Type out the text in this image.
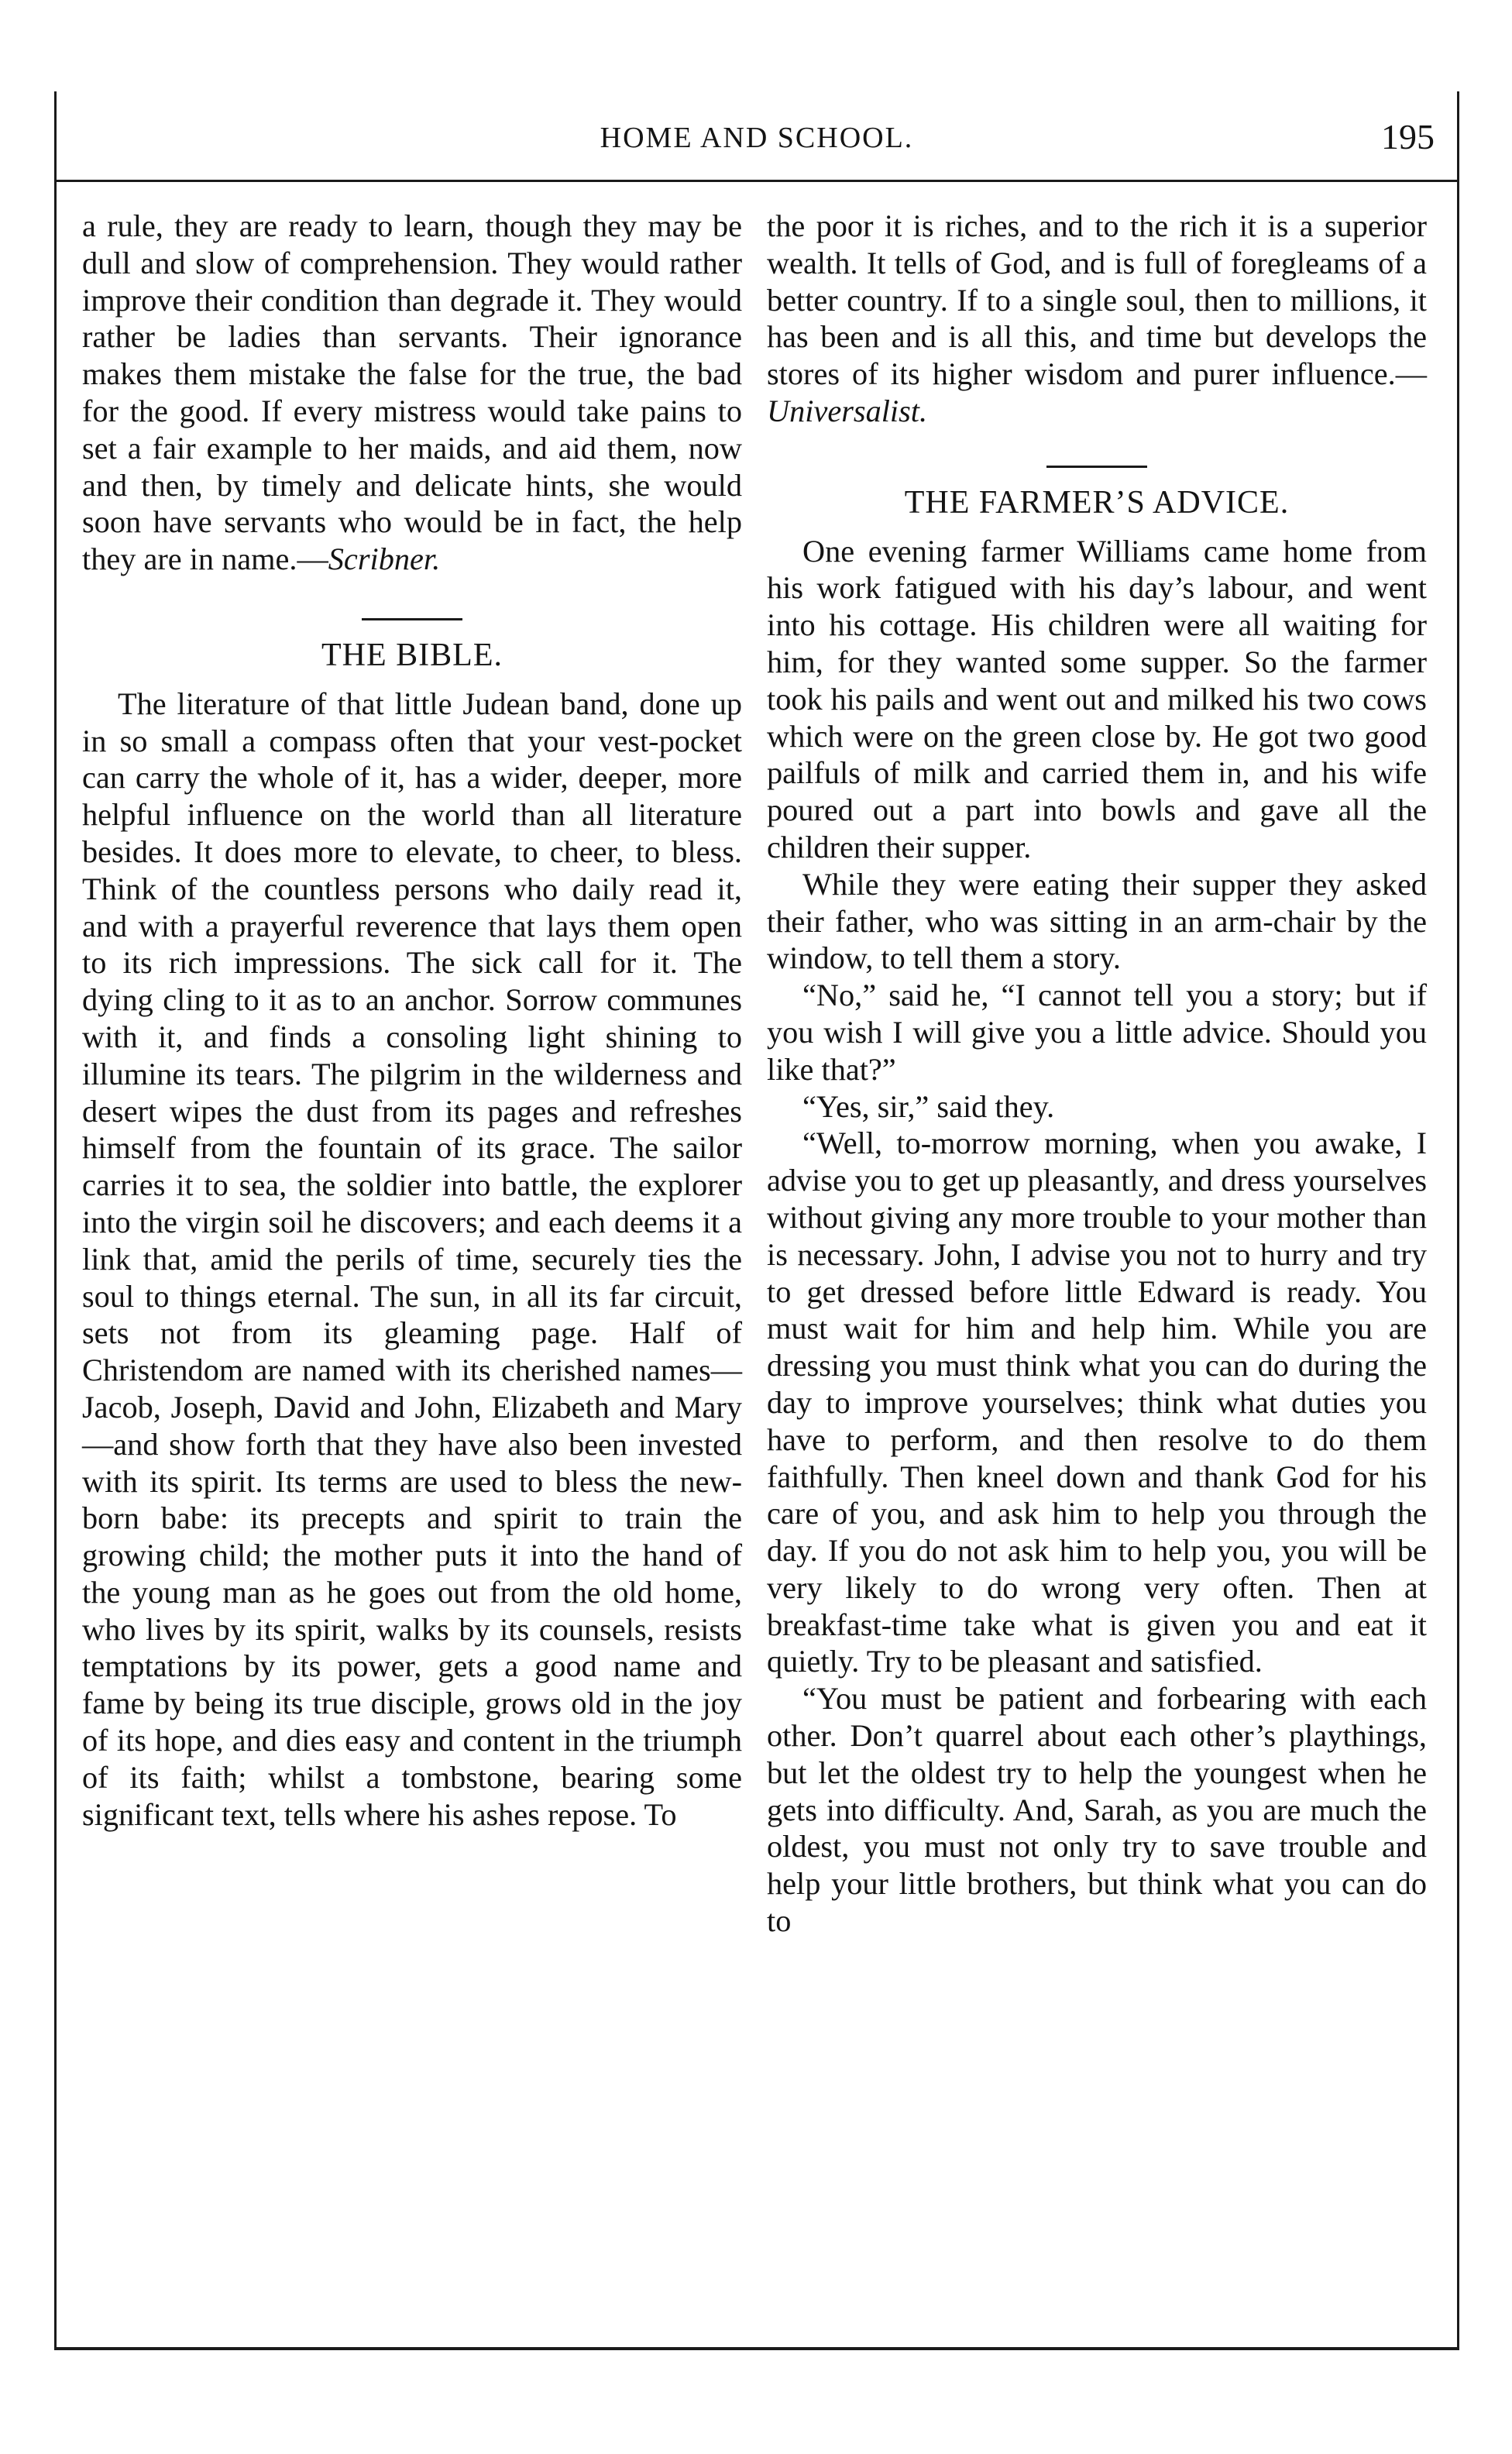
HOME AND SCHOOL.	195

a rule, they are ready to learn, though they may be dull and slow of comprehension. They would rather improve their condition than degrade it. They would rather be ladies than servants. Their ignorance makes them mistake the false for the true, the bad for the good. If every mistress would take pains to set a fair example to her maids, and aid them, now and then, by timely and delicate hints, she would soon have servants who would be in fact, the help they are in name.—Scribner.

THE BIBLE.

The literature of that little Judean band, done up in so small a compass often that your vest-pocket can carry the whole of it, has a wider, deeper, more helpful influence on the world than all literature besides. It does more to elevate, to cheer, to bless. Think of the countless persons who daily read it, and with a prayerful reverence that lays them open to its rich impressions. The sick call for it. The dying cling to it as to an anchor. Sorrow communes with it, and finds a consoling light shining to illumine its tears. The pilgrim in the wilderness and desert wipes the dust from its pages and refreshes himself from the fountain of its grace. The sailor carries it to sea, the soldier into battle, the explorer into the virgin soil he discovers; and each deems it a link that, amid the perils of time, securely ties the soul to things eternal. The sun, in all its far circuit, sets not from its gleaming page. Half of Christendom are named with its cherished names—Jacob, Joseph, David and John, Elizabeth and Mary—and show forth that they have also been invested with its spirit. Its terms are used to bless the new-born babe: its precepts and spirit to train the growing child; the mother puts it into the hand of the young man as he goes out from the old home, who lives by its spirit, walks by its counsels, resists temptations by its power, gets a good name and fame by being its true disciple, grows old in the joy of its hope, and dies easy and content in the triumph of its faith; whilst a tombstone, bearing some significant text, tells where his ashes repose. To

the poor it is riches, and to the rich it is a superior wealth. It tells of God, and is full of foregleams of a better country. If to a single soul, then to millions, it has been and is all this, and time but develops the stores of its higher wisdom and purer influence.—Universalist.

THE FARMER’S ADVICE.

One evening farmer Williams came home from his work fatigued with his day’s labour, and went into his cottage. His children were all waiting for him, for they wanted some supper. So the farmer took his pails and went out and milked his two cows which were on the green close by. He got two good pailfuls of milk and carried them in, and his wife poured out a part into bowls and gave all the children their supper.

While they were eating their supper they asked their father, who was sitting in an arm-chair by the window, to tell them a story.

“No,” said he, “I cannot tell you a story; but if you wish I will give you a little advice. Should you like that?”

“Yes, sir,” said they.

“Well, to-morrow morning, when you awake, I advise you to get up pleasantly, and dress yourselves without giving any more trouble to your mother than is necessary. John, I advise you not to hurry and try to get dressed before little Edward is ready. You must wait for him and help him. While you are dressing you must think what you can do during the day to improve yourselves; think what duties you have to perform, and then resolve to do them faithfully. Then kneel down and thank God for his care of you, and ask him to help you through the day. If you do not ask him to help you, you will be very likely to do wrong very often. Then at breakfast-time take what is given you and eat it quietly. Try to be pleasant and satisfied.

“You must be patient and forbearing with each other. Don’t quarrel about each other’s playthings, but let the oldest try to help the youngest when he gets into difficulty. And, Sarah, as you are much the oldest, you must not only try to save trouble and help your little brothers, but think what you can do to
